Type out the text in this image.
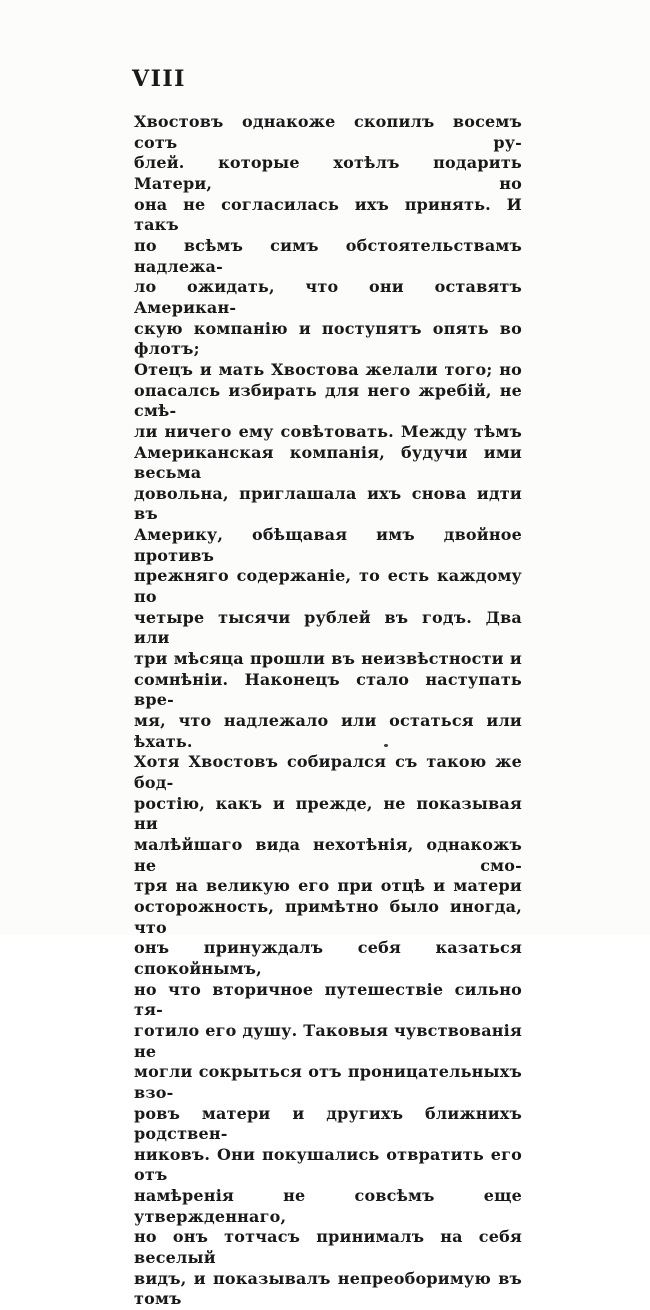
VIII
Хвостовъ однакоже скопилъ восемъ сотъ ру-
блей. которые хотѣлъ подарить Матери, но
она не согласилась ихъ принять. И такъ
по всѣмъ симъ обстоятельствамъ надлежа-
ло ожидать, что они оставятъ Американ-
скую компанію и поступятъ опять во флотъ;
Отецъ и мать Хвостова желали того; но
опасалсь избирать для него жребій, не смѣ-
ли ничего ему совѣтовать. Между тѣмъ
Американская компанія, будучи ими весьма
довольна, приглашала ихъ снова идти въ
Америку, обѣщавая имъ двойное противъ
прежняго содержаніе, то есть каждому по
четыре тысячи рублей въ годъ. Два или
три мѣсяца прошли въ неизвѣстности и
сомнѣніи. Наконецъ стало наступать вре-
мя, что надлежало или остаться или ѣхать.
Хотя Хвостовъ собирался съ такою же бод-
ростію, какъ и прежде, не показывая ни
малѣйшаго вида нехотѣнія, однакожъ не смо-
тря на великую его при отцѣ и матери
осторожность, примѣтно было иногда, что
онъ принуждалъ себя казаться спокойнымъ,
но что вторичное путешествіе сильно тя-
готило его душу. Таковыя чувствованія не
могли сокрыться отъ проницательныхъ взо-
ровъ матери и другихъ ближнихъ родствен-
никовъ. Они покушались отвратить его отъ
намѣренія не совсѣмъ еще утвержденнаго,
но онъ тотчасъ принималъ на себя веселый
видъ, и показывалъ непреоборимую въ томъ
